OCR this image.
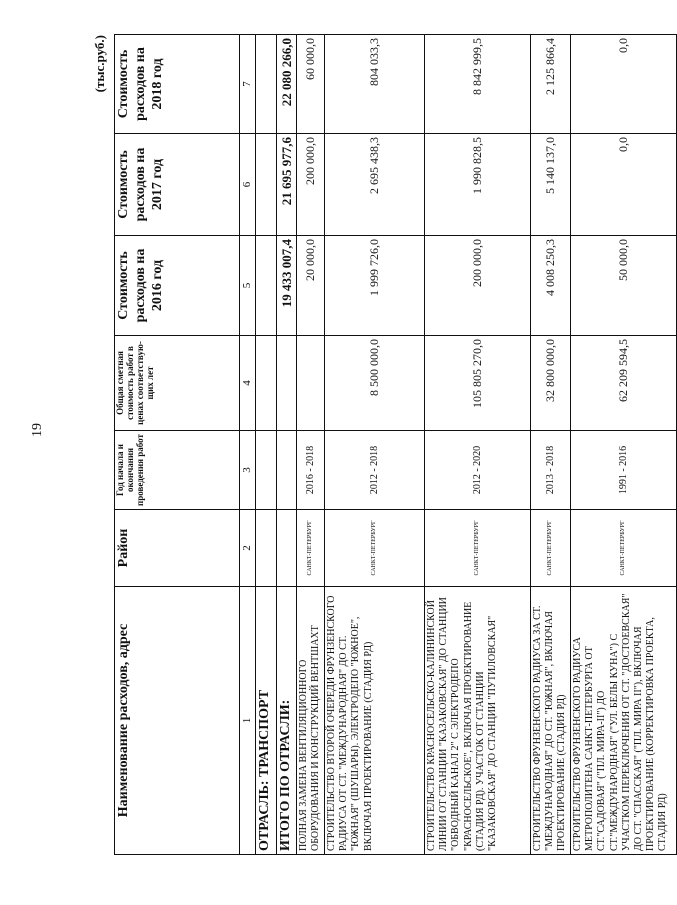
19
(тыс.руб.)
Наименование расходов, адрес	Район	Год начала и окончания проведения работ	Общая сметная стоимость работ в ценах соответствую-щих лет	Стоимость расходов на 2016 год	Стоимость расходов на 2017 год	Стоимость расходов на 2018 год
1	2	3	4	5	6	7
ОТРАСЛЬ: ТРАНСПОРТ						
ИТОГО ПО ОТРАСЛИ:				19 433 007,4	21 695 977,6	22 080 266,0
ПОЛНАЯ ЗАМЕНА ВЕНТИЛЯЦИОННОГО ОБОРУДОВАНИЯ И КОНСТРУКЦИЙ ВЕНТШАХТ	САНКТ-ПЕТЕРБУРГ	2016 - 2018		20 000,0	200 000,0	60 000,0
СТРОИТЕЛЬСТВО ВТОРОЙ ОЧЕРЕДИ ФРУНЗЕНСКОГО РАДИУСА ОТ СТ. "МЕЖДУНАРОДНАЯ" ДО СТ. "ЮЖНАЯ" (ШУШАРЫ). ЭЛЕКТРОДЕПО "ЮЖНОЕ", ВКЛЮЧАЯ ПРОЕКТИРОВАНИЕ (СТАДИЯ РД)	САНКТ-ПЕТЕРБУРГ	2012 - 2018	8 500 000,0	1 999 726,0	2 695 438,3	804 033,3
СТРОИТЕЛЬСТВО КРАСНОСЕЛЬСКО-КАЛИНИНСКОЙ ЛИНИИ ОТ СТАНЦИИ "КАЗАКОВСКАЯ" ДО СТАНЦИИ "ОБВОДНЫЙ КАНАЛ 2" С ЭЛЕКТРОДЕПО "КРАСНОСЕЛЬСКОЕ", ВКЛЮЧАЯ ПРОЕКТИРОВАНИЕ (СТАДИЯ РД). УЧАСТОК ОТ СТАНЦИИ "КАЗАКОВСКАЯ" ДО СТАНЦИИ "ПУТИЛОВСКАЯ"	САНКТ-ПЕТЕРБУРГ	2012 - 2020	105 805 270,0	200 000,0	1 990 828,5	8 842 999,5
СТРОИТЕЛЬСТВО ФРУНЗЕНСКОГО РАДИУСА ЗА СТ. "МЕЖДУНАРОДНАЯ" ДО СТ. "ЮЖНАЯ", ВКЛЮЧАЯ ПРОЕКТИРОВАНИЕ (СТАДИЯ РД)	САНКТ-ПЕТЕРБУРГ	2013 - 2018	32 800 000,0	4 008 250,3	5 140 137,0	2 125 866,4
СТРОИТЕЛЬСТВО ФРУНЗЕНСКОГО РАДИУСА МЕТРОПОЛИТЕНА САНКТ-ПЕТЕРБУРГА ОТ СТ."САДОВАЯ" ("ПЛ. МИРА-II") ДО СТ."МЕЖДУНАРОДНАЯ" ("УЛ. БЕЛЫ КУНА") С УЧАСТКОМ ПЕРЕКЛЮЧЕНИЯ ОТ СТ. "ДОСТОЕВСКАЯ" ДО СТ. "СПАССКАЯ" ("ПЛ. МИРА II"), ВКЛЮЧАЯ ПРОЕКТИРОВАНИЕ (КОРРЕКТИРОВКА ПРОЕКТА, СТАДИЯ РД)	САНКТ-ПЕТЕРБУРГ	1991 - 2016	62 209 594,5	50 000,0	0,0	0,0
